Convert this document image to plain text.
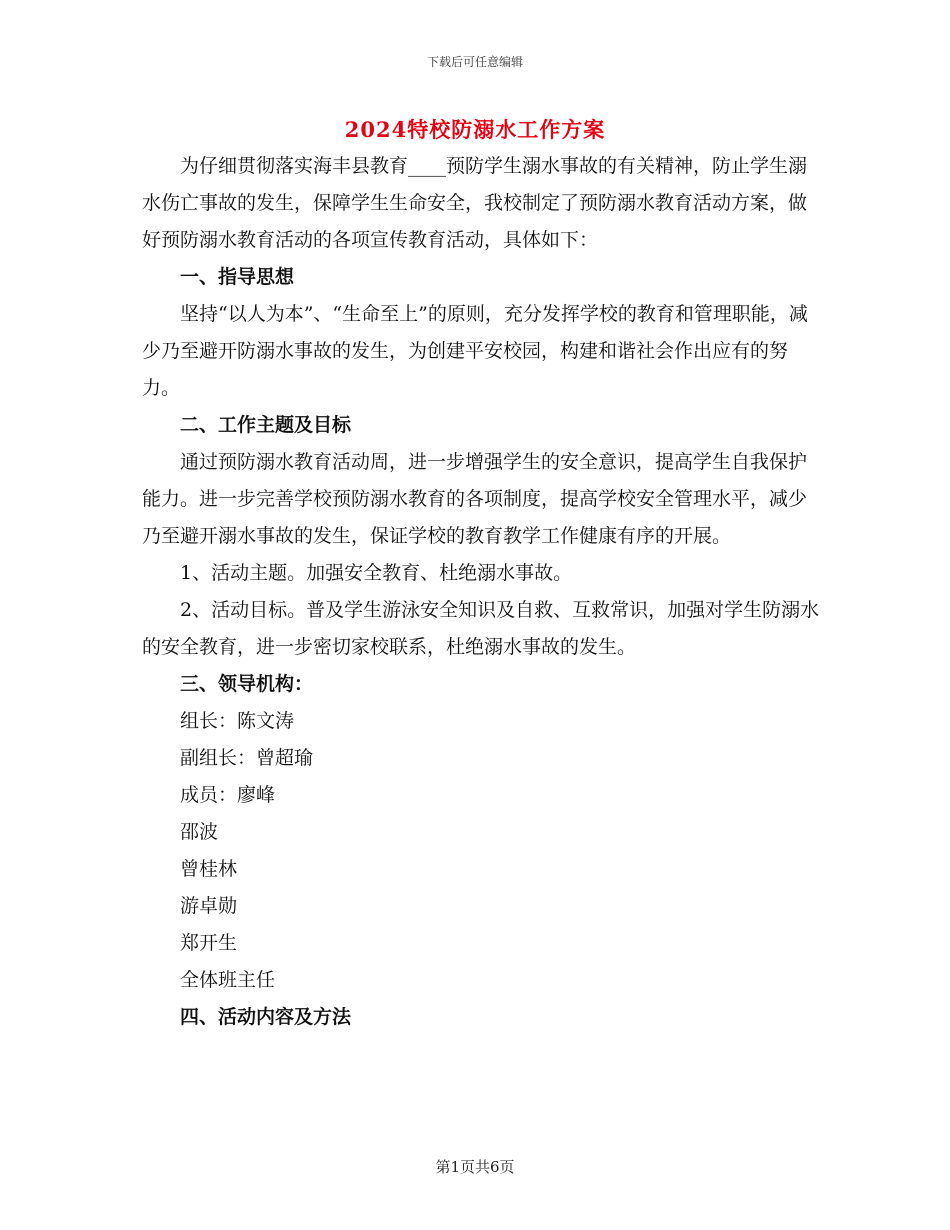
下载后可任意编辑
2024特校防溺水工作方案

为仔细贯彻落实海丰县教育____预防学生溺水事故的有关精神，防止学生溺水伤亡事故的发生，保障学生生命安全，我校制定了预防溺水教育活动方案，做好预防溺水教育活动的各项宣传教育活动，具体如下：

一、指导思想

坚持“以人为本”、“生命至上”的原则，充分发挥学校的教育和管理职能，减少乃至避开防溺水事故的发生，为创建平安校园，构建和谐社会作出应有的努力。

二、工作主题及目标

通过预防溺水教育活动周，进一步增强学生的安全意识，提高学生自我保护能力。进一步完善学校预防溺水教育的各项制度，提高学校安全管理水平，减少乃至避开溺水事故的发生，保证学校的教育教学工作健康有序的开展。

1、活动主题。加强安全教育、杜绝溺水事故。

2、活动目标。普及学生游泳安全知识及自救、互救常识，加强对学生防溺水的安全教育，进一步密切家校联系，杜绝溺水事故的发生。

三、领导机构：

组长：陈文涛

副组长：曾超瑜

成员：廖峰

邵波

曾桂林

游卓勋

郑开生

全体班主任

四、活动内容及方法

第1页共6页
